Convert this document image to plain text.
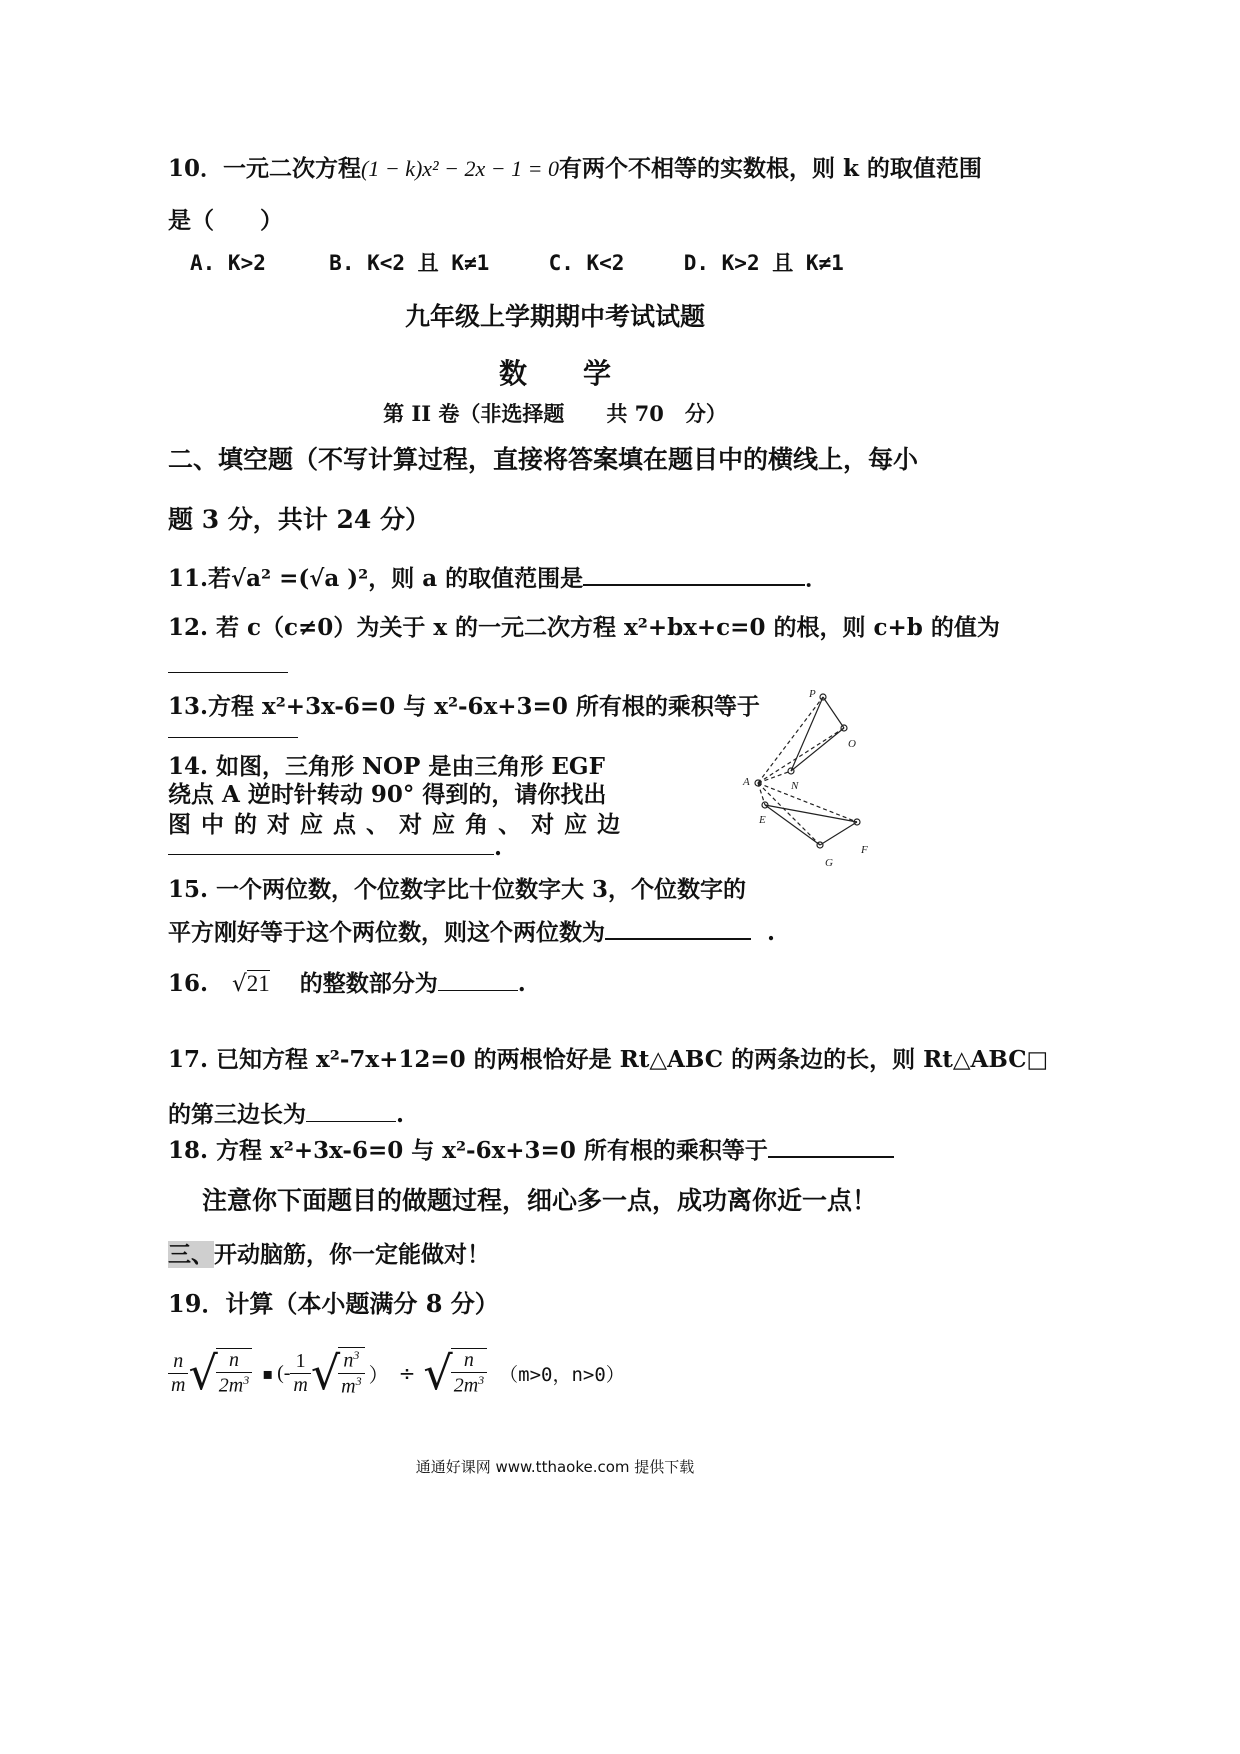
10．一元二次方程(1 − k)x² − 2x − 1 = 0有两个不相等的实数根，则 k 的取值范围
是（　　）
A. K>2	B. K<2 且 K≠1	C. K<2	D. K>2 且 K≠1
九年级上学期期中考试试题
数　　学
第 II 卷（非选择题　　共 70　分）
二、填空题（不写计算过程，直接将答案填在题目中的横线上，每小
题 3 分，共计 24 分）
11.若√a² =(√a )²，则 a 的取值范围是	．
12. 若 c（c≠0）为关于 x 的一元二次方程 x²+bx+c=0 的根，则 c+b 的值为
13.方程 x²+3x-6=0 与 x²-6x+3=0 所有根的乘积等于
14. 如图，三角形 NOP 是由三角形 EGF
绕点 A 逆时针转动 90° 得到的，请你找出
图 中 的 对 应 点 、 对 应 角 、 对 应 边
.
P
O
N
A
E
F
G
15. 一个两位数，个位数字比十位数字大 3，个位数字的
平方刚好等于这个两位数，则这个两位数为	.
16. √21 的整数部分为	.
17. 已知方程 x²-7x+12=0 的两根恰好是 Rt△ABC 的两条边的长，则 Rt△ABC□
的第三边长为	.
18. 方程 x²+3x-6=0 与 x²-6x+3=0 所有根的乘积等于
注意你下面题目的做题过程，细心多一点，成功离你近一点！
三、开动脑筋，你一定能做对！
19．计算（本小题满分 8 分）
$\frac{n}{m}$ √
$\frac{n}{2m^3}$ ▪ (- $\frac{1}{m}$ √
$\frac{n^3}{m^3}$ ） ÷ √
$\frac{n}{2m^3} (m>0$，n>0）
通通好课网 www.tthaoke.com 提供下载
